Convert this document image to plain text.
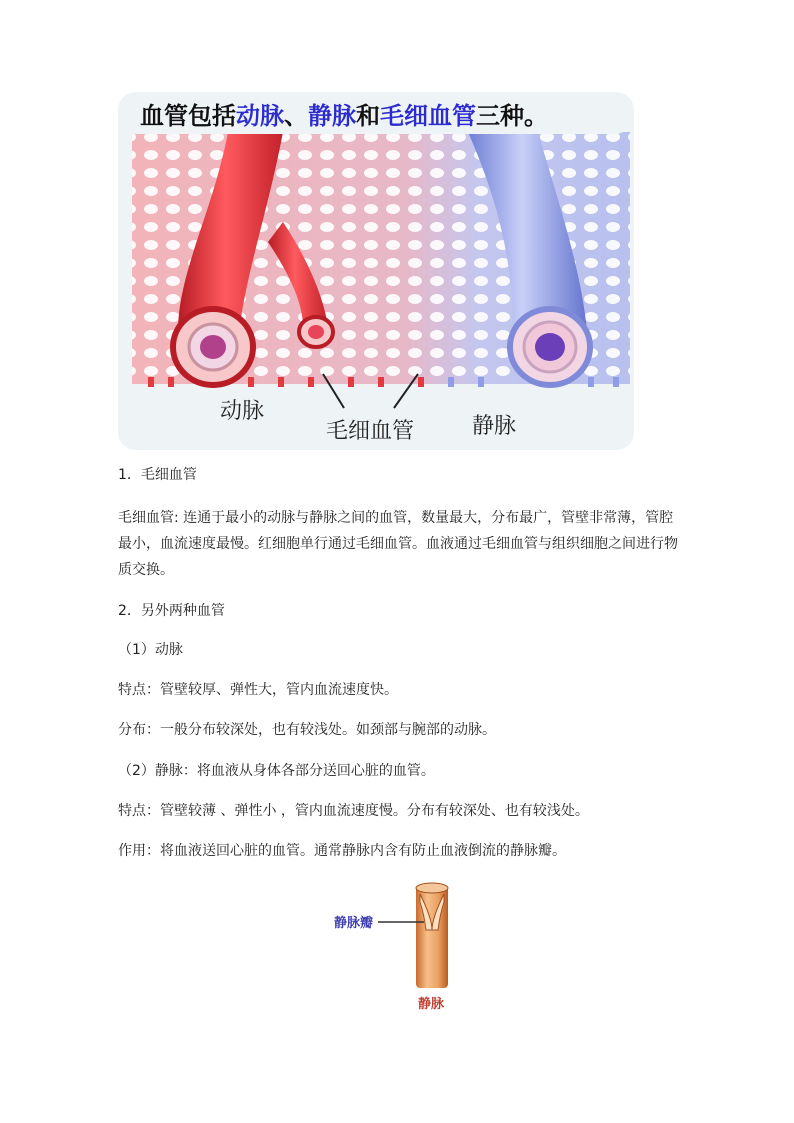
血管包括动脉、静脉和毛细血管三种。
动脉
毛细血管	静脉

1．毛细血管

毛细血管: 连通于最小的动脉与静脉之间的血管，数量最大，分布最广，管壁非常薄，管腔

最小，血流速度最慢。红细胞单行通过毛细血管。血液通过毛细血管与组织细胞之间进行物

质交换。

2．另外两种血管

（1）动脉

特点：管壁较厚、弹性大，管内血流速度快。

分布：一般分布较深处，也有较浅处。如颈部与腕部的动脉。

（2）静脉：将血液从身体各部分送回心脏的血管。

特点：管壁较薄 、弹性小 ，管内血流速度慢。分布有较深处、也有较浅处。

作用：将血液送回心脏的血管。通常静脉内含有防止血液倒流的静脉瓣。

静脉瓣
静脉
